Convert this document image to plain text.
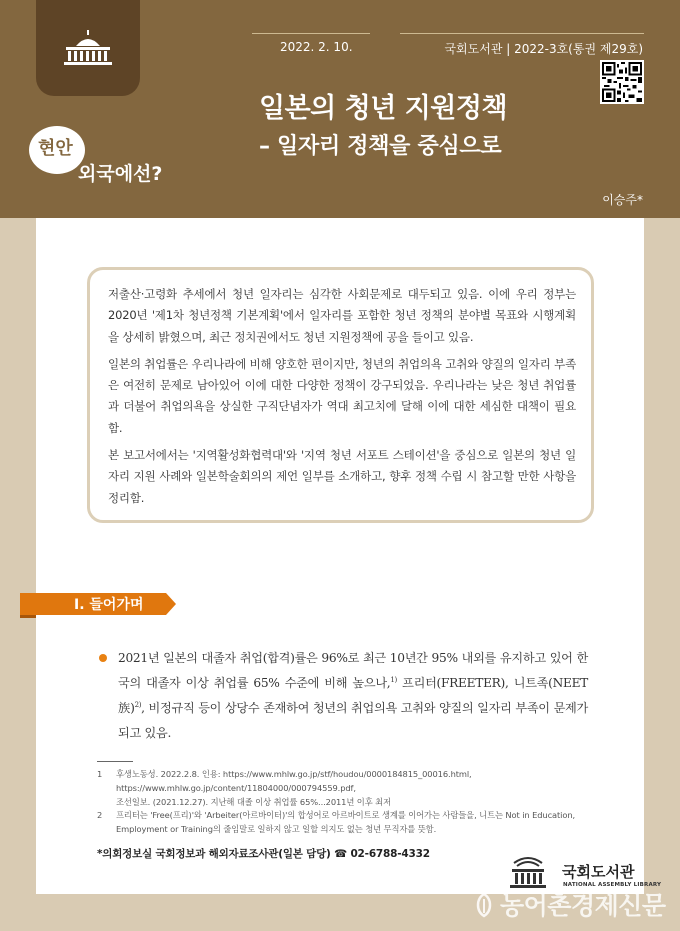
2022. 2. 10.	국회도서관 | 2022-3호(통권 제29호)
일본의 청년 지원정책
– 일자리 정책을 중심으로
현안
외국에선?
이승주*

저출산·고령화 추세에서 청년 일자리는 심각한 사회문제로 대두되고 있음. 이에 우리 정부는 2020년 '제1차 청년정책 기본계획'에서 일자리를 포함한 청년 정책의 분야별 목표와 시행계획을 상세히 밝혔으며, 최근 정치권에서도 청년 지원정책에 공을 들이고 있음.

일본의 취업률은 우리나라에 비해 양호한 편이지만, 청년의 취업의욕 고취와 양질의 일자리 부족은 여전히 문제로 남아있어 이에 대한 다양한 정책이 강구되었음. 우리나라는 낮은 청년 취업률과 더불어 취업의욕을 상실한 구직단념자가 역대 최고치에 달해 이에 대한 세심한 대책이 필요함.

본 보고서에서는 '지역활성화협력대'와 '지역 청년 서포트 스테이션'을 중심으로 일본의 청년 일자리 지원 사례와 일본학술회의의 제언 일부를 소개하고, 향후 정책 수립 시 참고할 만한 사항을 정리함.

Ⅰ. 들어가며
2021년 일본의 대졸자 취업(합격)률은 96%로 최근 10년간 95% 내외를 유지하고 있어 한국의 대졸자 이상 취업률 65% 수준에 비해 높으나,$^{1)}$ 프리터(FREETER), 니트족(NEET族)$^{2)}$, 비정규직 등이 상당수 존재하여 청년의 취업의욕 고취와 양질의 일자리 부족이 문제가 되고 있음.
1 후생노동성. 2022.2.8. 인용: https://www.mhlw.go.jp/stf/houdou/0000184815_00016.html,
https://www.mhlw.go.jp/content/11804000/000794559.pdf,
조선일보. (2021.12.27). 지난해 대졸 이상 취업률 65%...2011년 이후 최저
2 프리터는 'Free(프리)'와 'Arbeiter(아르바이터)'의 합성어로 아르바이트로 생계를 이어가는 사람들을, 니트는 Not in Education,
Employment or Training의 줄임말로 일하지 않고 일할 의지도 없는 청년 무직자를 뜻함.
*의회정보실 국회정보과 해외자료조사관(일본 담당) ☎ 02-6788-4332
국회도서관
NATIONAL ASSEMBLY LIBRARY
농어촌경제신문
